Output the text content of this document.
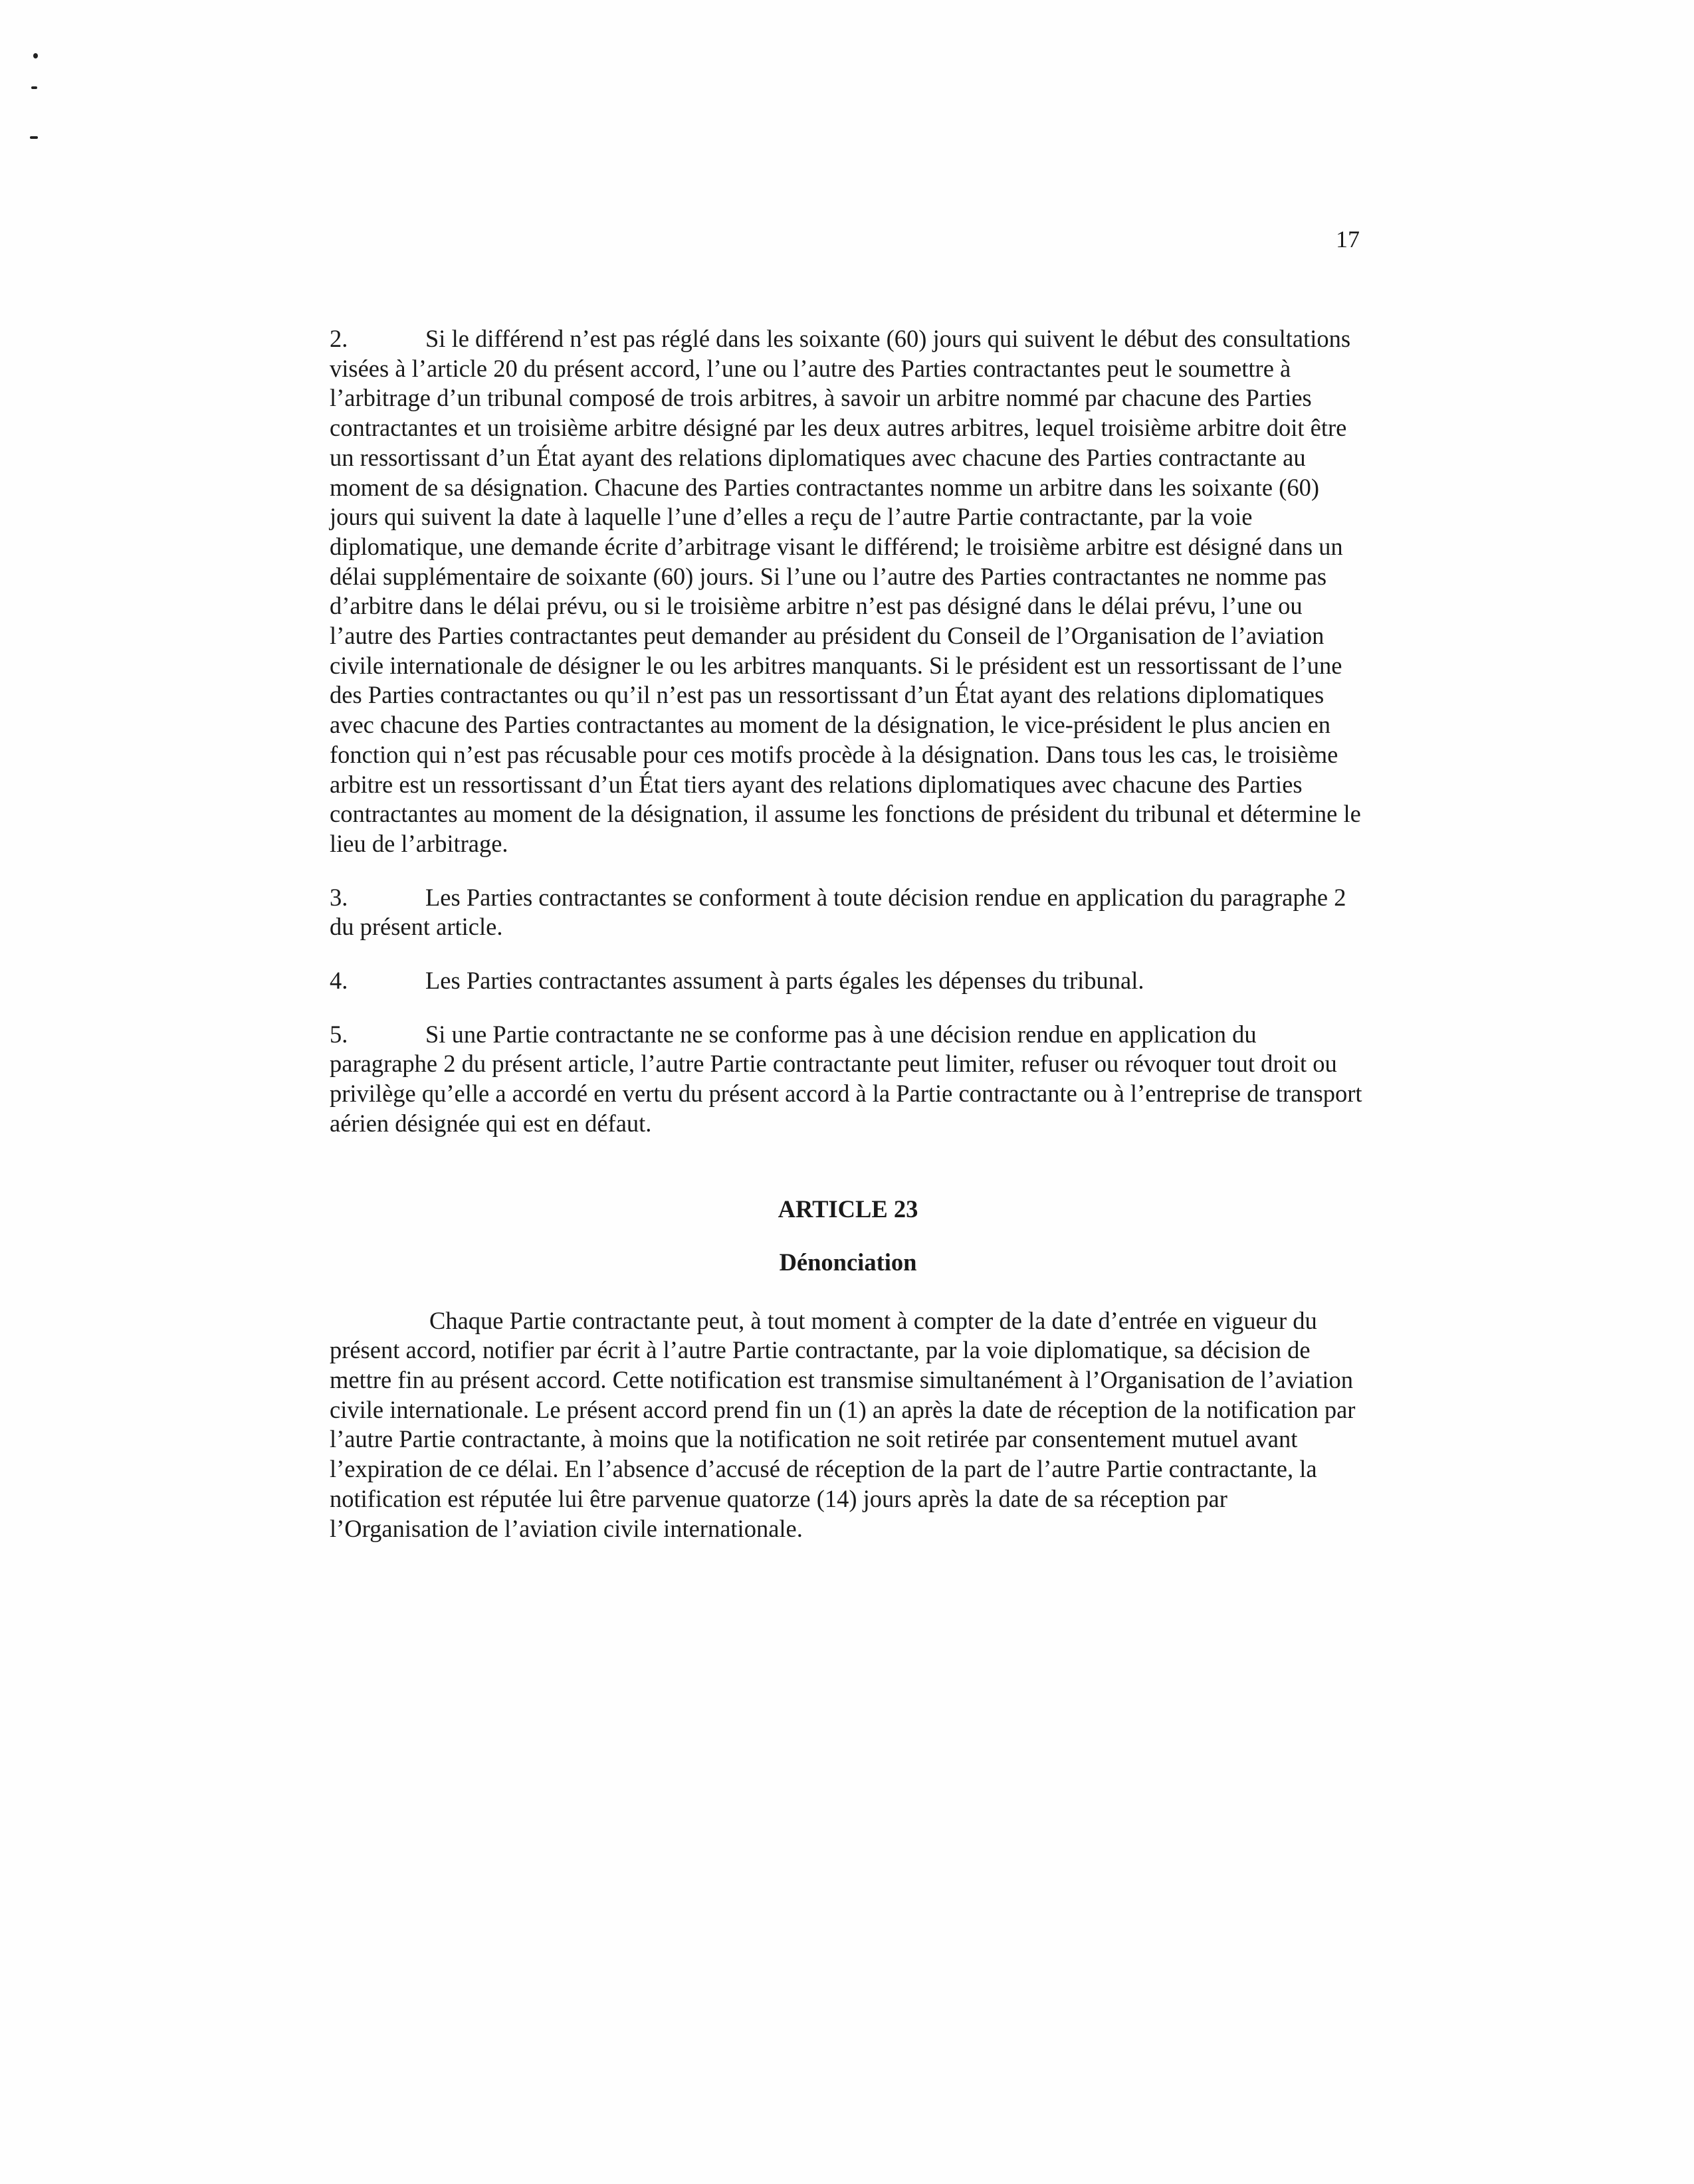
17

2.	Si le différend n’est pas réglé dans les soixante (60) jours qui suivent le début des consultations visées à l’article 20 du présent accord, l’une ou l’autre des Parties contractantes peut le soumettre à l’arbitrage d’un tribunal composé de trois arbitres, à savoir un arbitre nommé par chacune des Parties contractantes et un troisième arbitre désigné par les deux autres arbitres, lequel troisième arbitre doit être un ressortissant d’un État ayant des relations diplomatiques avec chacune des Parties contractante au moment de sa désignation. Chacune des Parties contractantes nomme un arbitre dans les soixante (60) jours qui suivent la date à laquelle l’une d’elles a reçu de l’autre Partie contractante, par la voie diplomatique, une demande écrite d’arbitrage visant le différend; le troisième arbitre est désigné dans un délai supplémentaire de soixante (60) jours. Si l’une ou l’autre des Parties contractantes ne nomme pas d’arbitre dans le délai prévu, ou si le troisième arbitre n’est pas désigné dans le délai prévu, l’une ou l’autre des Parties contractantes peut demander au président du Conseil de l’Organisation de l’aviation civile internationale de désigner le ou les arbitres manquants. Si le président est un ressortissant de l’une des Parties contractantes ou qu’il n’est pas un ressortissant d’un État ayant des relations diplomatiques avec chacune des Parties contractantes au moment de la désignation, le vice-président le plus ancien en fonction qui n’est pas récusable pour ces motifs procède à la désignation. Dans tous les cas, le troisième arbitre est un ressortissant d’un État tiers ayant des relations diplomatiques avec chacune des Parties contractantes au moment de la désignation, il assume les fonctions de président du tribunal et détermine le lieu de l’arbitrage.

3.	Les Parties contractantes se conforment à toute décision rendue en application du paragraphe 2 du présent article.

4.	Les Parties contractantes assument à parts égales les dépenses du tribunal.

5.	Si une Partie contractante ne se conforme pas à une décision rendue en application du paragraphe 2 du présent article, l’autre Partie contractante peut limiter, refuser ou révoquer tout droit ou privilège qu’elle a accordé en vertu du présent accord à la Partie contractante ou à l’entreprise de transport aérien désignée qui est en défaut.

ARTICLE 23
Dénonciation

Chaque Partie contractante peut, à tout moment à compter de la date d’entrée en vigueur du présent accord, notifier par écrit à l’autre Partie contractante, par la voie diplomatique, sa décision de mettre fin au présent accord. Cette notification est transmise simultanément à l’Organisation de l’aviation civile internationale. Le présent accord prend fin un (1) an après la date de réception de la notification par l’autre Partie contractante, à moins que la notification ne soit retirée par consentement mutuel avant l’expiration de ce délai. En l’absence d’accusé de réception de la part de l’autre Partie contractante, la notification est réputée lui être parvenue quatorze (14) jours après la date de sa réception par l’Organisation de l’aviation civile internationale.
